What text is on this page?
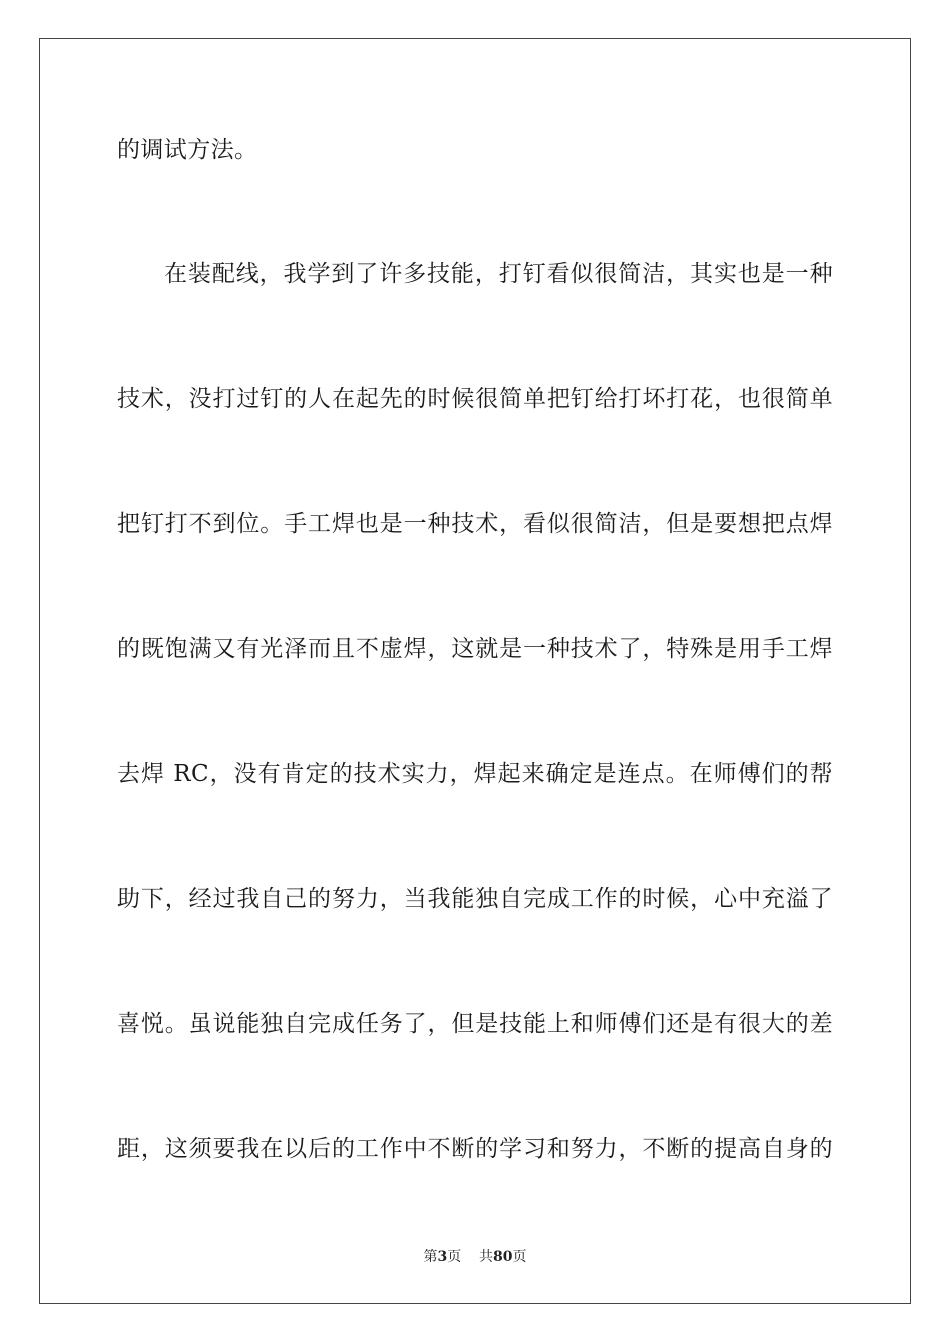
的调试方法。
在装配线，我学到了许多技能，打钉看似很简洁，其实也是一种
技术，没打过钉的人在起先的时候很简单把钉给打坏打花，也很简单
把钉打不到位。手工焊也是一种技术，看似很简洁，但是要想把点焊
的既饱满又有光泽而且不虚焊，这就是一种技术了，特殊是用手工焊
去焊 RC，没有肯定的技术实力，焊起来确定是连点。在师傅们的帮
助下，经过我自己的努力，当我能独自完成工作的时候，心中充溢了
喜悦。虽说能独自完成任务了，但是技能上和师傅们还是有很大的差
距，这须要我在以后的工作中不断的学习和努力，不断的提高自身的
第3页 共80页
